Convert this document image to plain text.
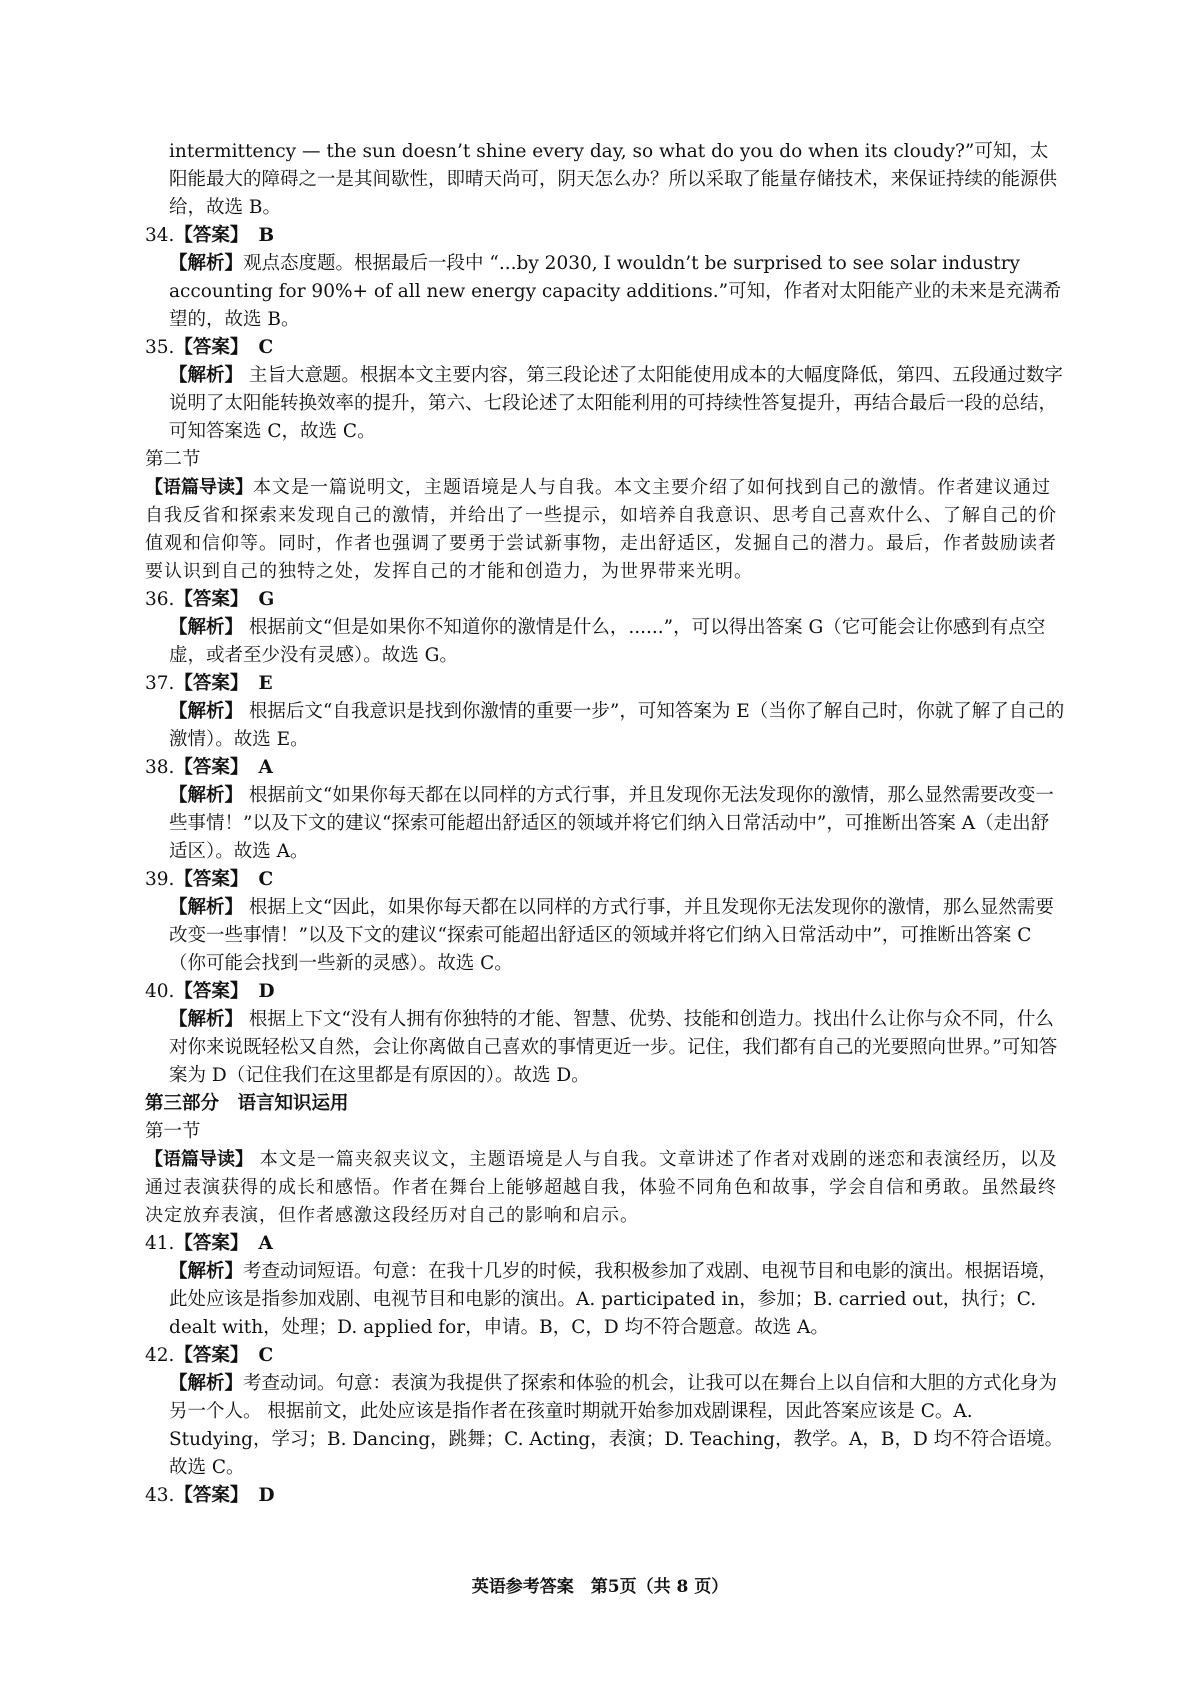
intermittency — the sun doesn’t shine every day, so what do you do when its cloudy?”可知，太阳能最大的障碍之一是其间歇性，即晴天尚可，阴天怎么办？所以采取了能量存储技术，来保证持续的能源供给，故选 B。

34.【答案】 B

【解析】观点态度题。根据最后一段中 “...by 2030, I wouldn’t be surprised to see solar industry accounting for 90%+ of all new energy capacity additions.”可知，作者对太阳能产业的未来是充满希望的，故选 B。

35.【答案】 C

【解析】 主旨大意题。根据本文主要内容，第三段论述了太阳能使用成本的大幅度降低，第四、五段通过数字说明了太阳能转换效率的提升，第六、七段论述了太阳能利用的可持续性答复提升，再结合最后一段的总结，可知答案选 C，故选 C。

第二节

【语篇导读】本文是一篇说明文，主题语境是人与自我。本文主要介绍了如何找到自己的激情。作者建议通过自我反省和探索来发现自己的激情，并给出了一些提示，如培养自我意识、思考自己喜欢什么、了解自己的价值观和信仰等。同时，作者也强调了要勇于尝试新事物，走出舒适区，发掘自己的潜力。最后，作者鼓励读者要认识到自己的独特之处，发挥自己的才能和创造力，为世界带来光明。

36.【答案】 G

【解析】 根据前文“但是如果你不知道你的激情是什么，......”，可以得出答案 G（它可能会让你感到有点空虚，或者至少没有灵感）。故选 G。

37.【答案】 E

【解析】 根据后文“自我意识是找到你激情的重要一步”，可知答案为 E（当你了解自己时，你就了解了自己的激情）。故选 E。

38.【答案】 A

【解析】 根据前文“如果你每天都在以同样的方式行事，并且发现你无法发现你的激情，那么显然需要改变一些事情！”以及下文的建议“探索可能超出舒适区的领域并将它们纳入日常活动中”，可推断出答案 A（走出舒适区）。故选 A。

39.【答案】 C

【解析】 根据上文“因此，如果你每天都在以同样的方式行事，并且发现你无法发现你的激情，那么显然需要改变一些事情！”以及下文的建议“探索可能超出舒适区的领域并将它们纳入日常活动中”，可推断出答案 C（你可能会找到一些新的灵感）。故选 C。

40.【答案】 D

【解析】 根据上下文“没有人拥有你独特的才能、智慧、优势、技能和创造力。找出什么让你与众不同，什么对你来说既轻松又自然，会让你离做自己喜欢的事情更近一步。记住，我们都有自己的光要照向世界。”可知答案为 D（记住我们在这里都是有原因的）。故选 D。

第三部分　语言知识运用

第一节

【语篇导读】 本文是一篇夹叙夹议文，主题语境是人与自我。文章讲述了作者对戏剧的迷恋和表演经历，以及通过表演获得的成长和感悟。作者在舞台上能够超越自我，体验不同角色和故事，学会自信和勇敢。虽然最终决定放弃表演，但作者感激这段经历对自己的影响和启示。

41.【答案】 A

【解析】考查动词短语。句意：在我十几岁的时候，我积极参加了戏剧、电视节目和电影的演出。根据语境，此处应该是指参加戏剧、电视节目和电影的演出。A. participated in，参加；B. carried out，执行；C. dealt with，处理；D. applied for，申请。B，C，D 均不符合题意。故选 A。

42.【答案】 C

【解析】考查动词。句意：表演为我提供了探索和体验的机会，让我可以在舞台上以自信和大胆的方式化身为另一个人。 根据前文，此处应该是指作者在孩童时期就开始参加戏剧课程，因此答案应该是 C。A. Studying，学习；B. Dancing，跳舞；C. Acting，表演；D. Teaching，教学。A，B，D 均不符合语境。故选 C。

43.【答案】 D

英语参考答案　第5页（共 8 页）
